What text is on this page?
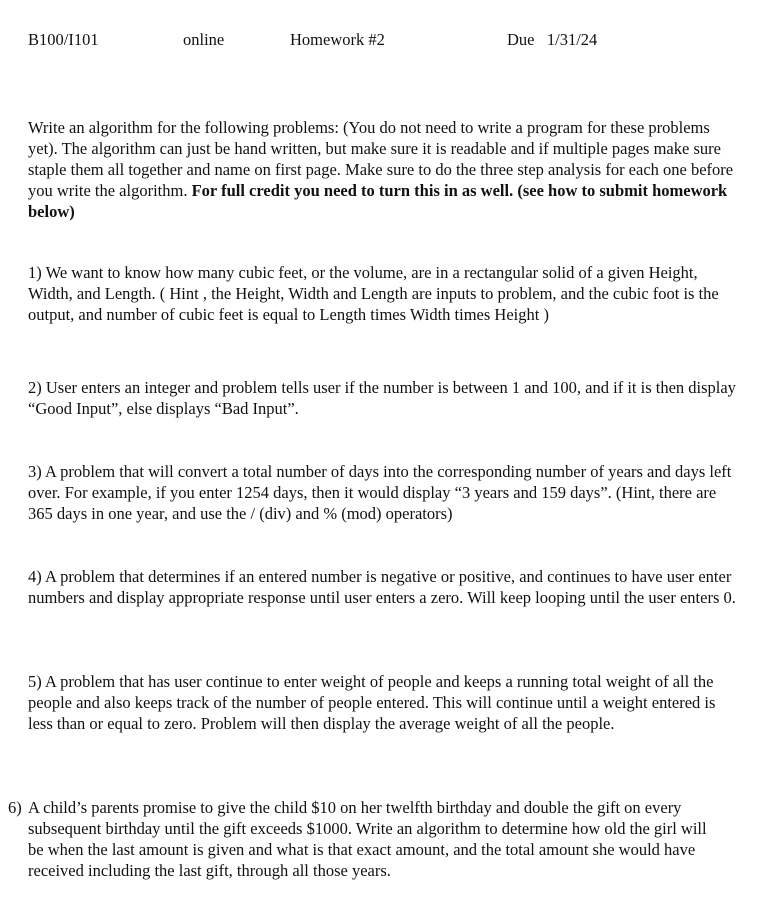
B100/I101	online	Homework #2	Due   1/31/24

Write an algorithm for the following problems: (You do not need to write a program for these problems yet). The algorithm can just be hand written, but make sure it is readable and if multiple pages make sure staple them all together and name on first page. Make sure to do the three step analysis for each one before you write the algorithm. For full credit you need to turn this in as well. (see how to submit homework below)

1) We want to know how many cubic feet, or the volume, are in a rectangular solid of a given Height, Width, and Length. ( Hint , the Height, Width and Length are inputs to problem, and the cubic foot is the output, and number of cubic feet is equal to Length times Width times Height )

2) User enters an integer and problem tells user if the number is between 1 and 100, and if it is then display “Good Input”, else displays “Bad Input”.

3) A problem that will convert a total number of days into the corresponding number of years and days left over. For example, if you enter 1254 days, then it would display “3 years and 159 days”. (Hint, there are 365 days in one year, and use the / (div) and % (mod) operators)

4) A problem that determines if an entered number is negative or positive, and continues to have user enter numbers and display appropriate response until user enters a zero. Will keep looping until the user enters 0.

5) A problem that has user continue to enter weight of people and keeps a running total weight of all the people and also keeps track of the number of people entered. This will continue until a weight entered is less than or equal to zero. Problem will then display the average weight of all the people.

6) A child’s parents promise to give the child $10 on her twelfth birthday and double the gift on every subsequent birthday until the gift exceeds $1000. Write an algorithm to determine how old the girl will be when the last amount is given and what is that exact amount, and the total amount she would have received including the last gift, through all those years.
